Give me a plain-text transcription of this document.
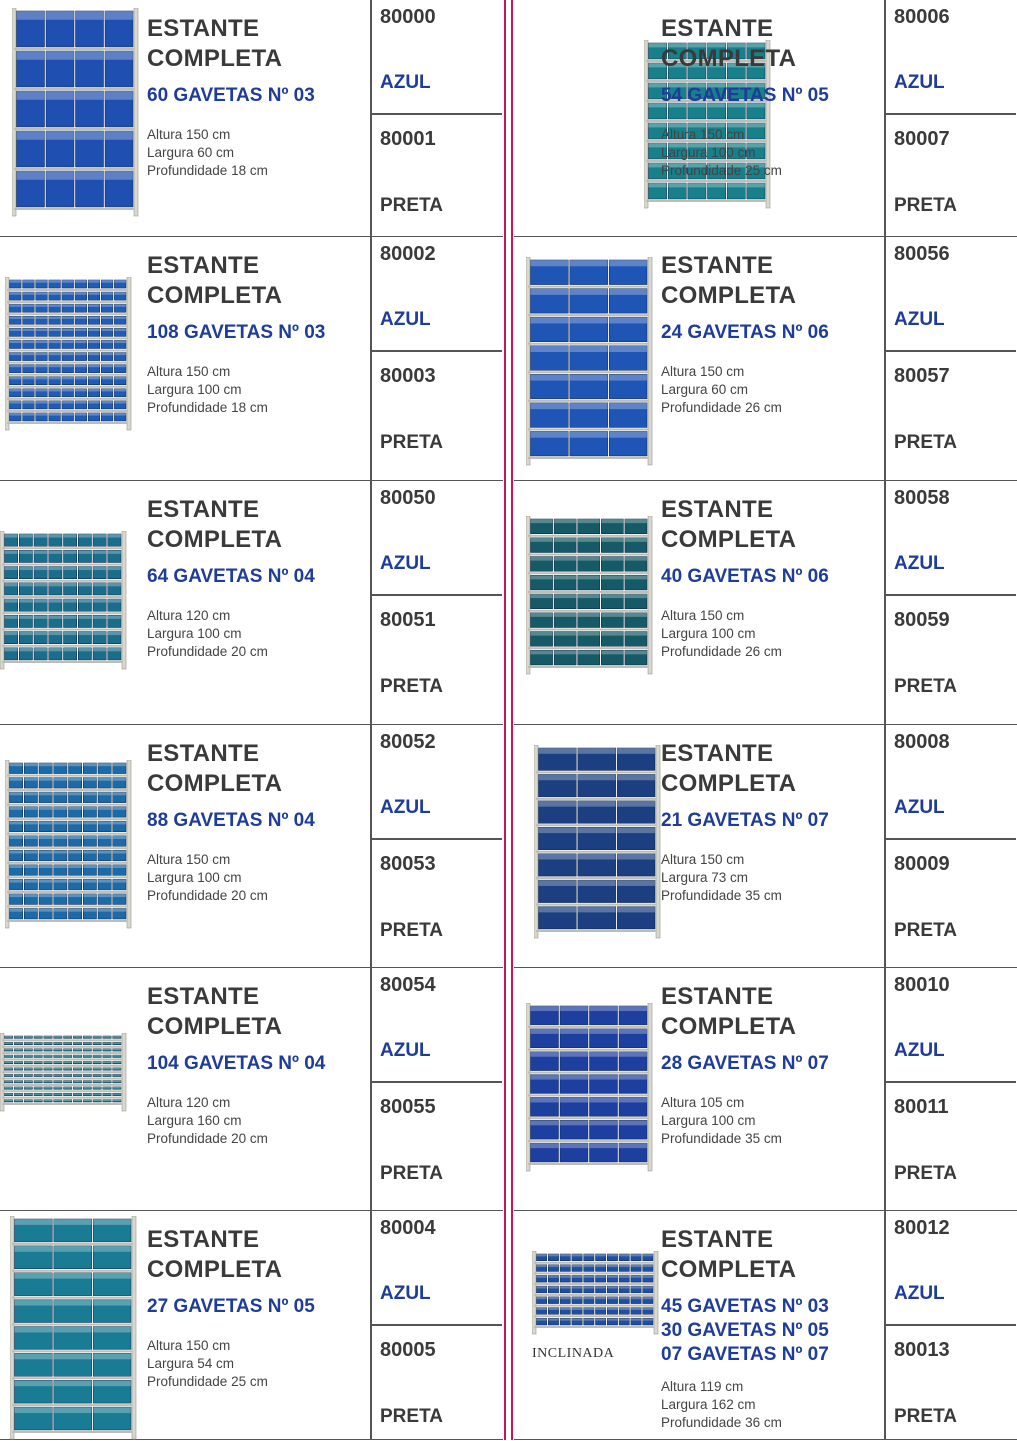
ESTANTE
COMPLETA
60 GAVETAS Nº 03
Altura 150 cm
Largura 60 cm
Profundidade 18 cm
80000
AZUL
80001
PRETA
ESTANTE
COMPLETA
108 GAVETAS Nº 03
Altura 150 cm
Largura 100 cm
Profundidade 18 cm
80002
AZUL
80003
PRETA
ESTANTE
COMPLETA
64 GAVETAS Nº 04
Altura 120 cm
Largura 100 cm
Profundidade 20 cm
80050
AZUL
80051
PRETA
ESTANTE
COMPLETA
88 GAVETAS Nº 04
Altura 150 cm
Largura 100 cm
Profundidade 20 cm
80052
AZUL
80053
PRETA
ESTANTE
COMPLETA
104 GAVETAS Nº 04
Altura 120 cm
Largura 160 cm
Profundidade 20 cm
80054
AZUL
80055
PRETA
ESTANTE
COMPLETA
27 GAVETAS Nº 05
Altura 150 cm
Largura 54 cm
Profundidade 25 cm
80004
AZUL
80005
PRETA
ESTANTE
COMPLETA
54 GAVETAS Nº 05
Altura 150 cm
Largura 100 cm
Profundidade 25 cm
80006
AZUL
80007
PRETA
ESTANTE
COMPLETA
24 GAVETAS Nº 06
Altura 150 cm
Largura 60 cm
Profundidade 26 cm
80056
AZUL
80057
PRETA
ESTANTE
COMPLETA
40 GAVETAS Nº 06
Altura 150 cm
Largura 100 cm
Profundidade 26 cm
80058
AZUL
80059
PRETA
ESTANTE
COMPLETA
21 GAVETAS Nº 07
Altura 150 cm
Largura 73 cm
Profundidade 35 cm
80008
AZUL
80009
PRETA
ESTANTE
COMPLETA
28 GAVETAS Nº 07
Altura 105 cm
Largura 100 cm
Profundidade 35 cm
80010
AZUL
80011
PRETA
ESTANTE
COMPLETA
45 GAVETAS Nº 03
30 GAVETAS Nº 05
07 GAVETAS Nº 07
Altura 119 cm
Largura 162 cm
Profundidade 36 cm
INCLINADA
80012
AZUL
80013
PRETA
